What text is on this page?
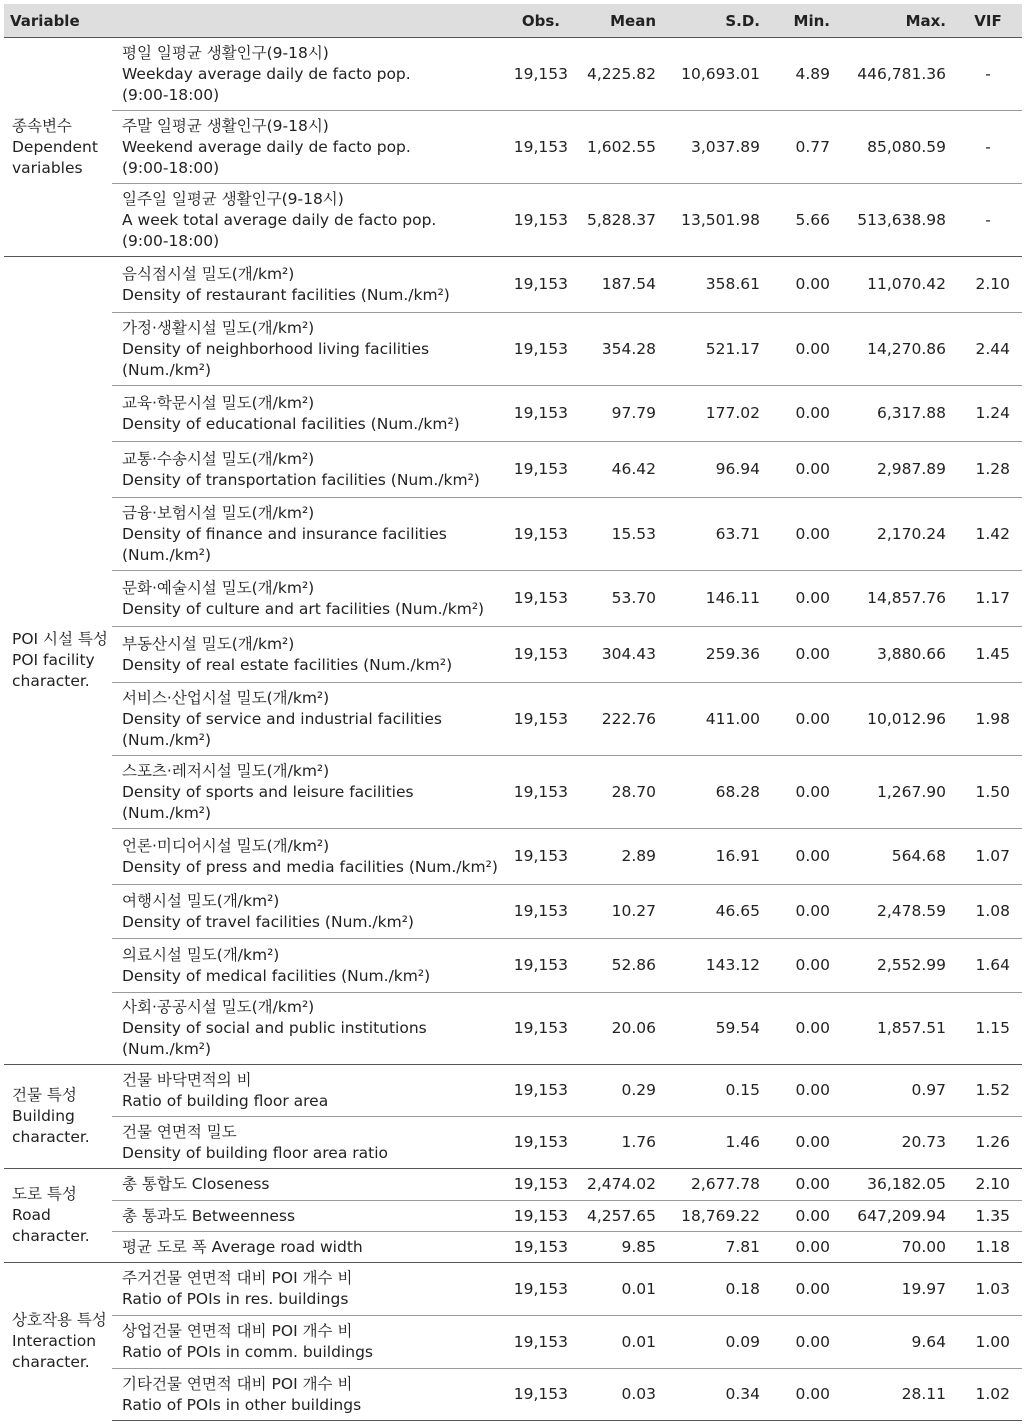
Variable		Obs.	Mean	S.D.	Min.	Max.	VIF

종속변수
Dependent
variables	평일 일평균 생활인구(9-18시)
Weekday average daily de facto pop.
(9:00-18:00)	19,153	4,225.82	10,693.01	4.89	446,781.36	-

	주말 일평균 생활인구(9-18시)
Weekend average daily de facto pop.
(9:00-18:00)	19,153	1,602.55	3,037.89	0.77	85,080.59	-

	일주일 일평균 생활인구(9-18시)
A week total average daily de facto pop.
(9:00-18:00)	19,153	5,828.37	13,501.98	5.66	513,638.98	-

POI 시설 특성
POI facility
character.	음식점시설 밀도(개/km²)
Density of restaurant facilities (Num./km²)	19,153	187.54	358.61	0.00	11,070.42	2.10

	가정·생활시설 밀도(개/km²)
Density of neighborhood living facilities
(Num./km²)	19,153	354.28	521.17	0.00	14,270.86	2.44

	교육·학문시설 밀도(개/km²)
Density of educational facilities (Num./km²)	19,153	97.79	177.02	0.00	6,317.88	1.24

	교통·수송시설 밀도(개/km²)
Density of transportation facilities (Num./km²)	19,153	46.42	96.94	0.00	2,987.89	1.28

	금융·보험시설 밀도(개/km²)
Density of finance and insurance facilities
(Num./km²)	19,153	15.53	63.71	0.00	2,170.24	1.42

	문화·예술시설 밀도(개/km²)
Density of culture and art facilities (Num./km²)	19,153	53.70	146.11	0.00	14,857.76	1.17

	부동산시설 밀도(개/km²)
Density of real estate facilities (Num./km²)	19,153	304.43	259.36	0.00	3,880.66	1.45

	서비스·산업시설 밀도(개/km²)
Density of service and industrial facilities
(Num./km²)	19,153	222.76	411.00	0.00	10,012.96	1.98

	스포츠·레저시설 밀도(개/km²)
Density of sports and leisure facilities
(Num./km²)	19,153	28.70	68.28	0.00	1,267.90	1.50

	언론·미디어시설 밀도(개/km²)
Density of press and media facilities (Num./km²)	19,153	2.89	16.91	0.00	564.68	1.07

	여행시설 밀도(개/km²)
Density of travel facilities (Num./km²)	19,153	10.27	46.65	0.00	2,478.59	1.08

	의료시설 밀도(개/km²)
Density of medical facilities (Num./km²)	19,153	52.86	143.12	0.00	2,552.99	1.64

	사회·공공시설 밀도(개/km²)
Density of social and public institutions
(Num./km²)	19,153	20.06	59.54	0.00	1,857.51	1.15

건물 특성
Building
character.	건물 바닥면적의 비
Ratio of building floor area	19,153	0.29	0.15	0.00	0.97	1.52

	건물 연면적 밀도
Density of building floor area ratio	19,153	1.76	1.46	0.00	20.73	1.26

도로 특성
Road
character.	총 통합도 Closeness	19,153	2,474.02	2,677.78	0.00	36,182.05	2.10

	총 통과도 Betweenness	19,153	4,257.65	18,769.22	0.00	647,209.94	1.35

	평균 도로 폭 Average road width	19,153	9.85	7.81	0.00	70.00	1.18

상호작용 특성
Interaction
character.	주거건물 연면적 대비 POI 개수 비
Ratio of POIs in res. buildings	19,153	0.01	0.18	0.00	19.97	1.03

	상업건물 연면적 대비 POI 개수 비
Ratio of POIs in comm. buildings	19,153	0.01	0.09	0.00	9.64	1.00

	기타건물 연면적 대비 POI 개수 비
Ratio of POIs in other buildings	19,153	0.03	0.34	0.00	28.11	1.02
